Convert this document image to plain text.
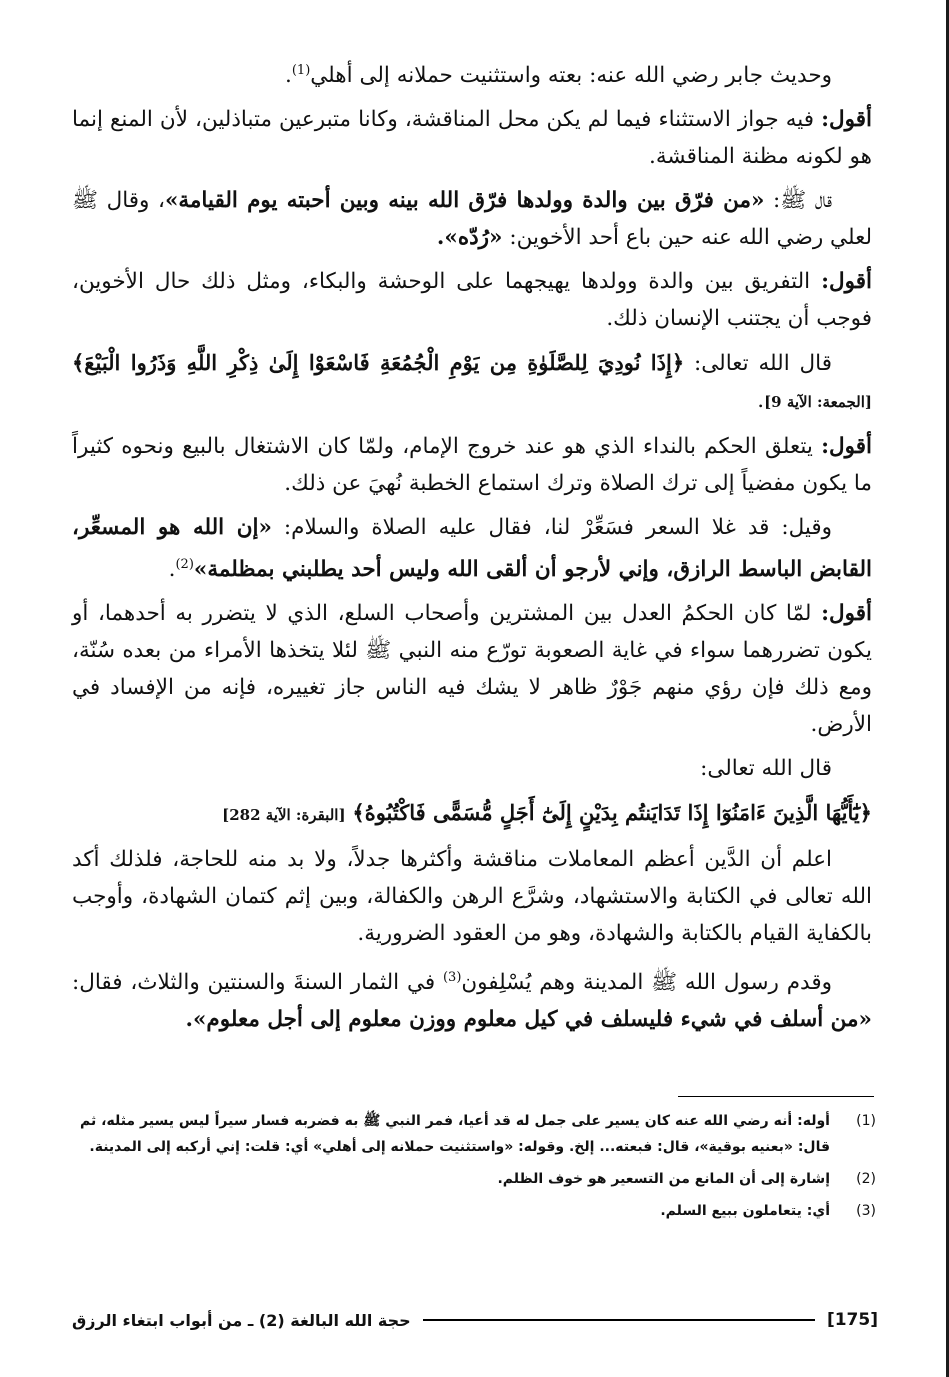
وحديث جابر رضي الله عنه: بعته واستثنيت حملانه إلى أهلي$^{(1)}$.

أقول: فيه جواز الاستثناء فيما لم يكن محل المناقشة، وكانا متبرعين متباذلين، لأن المنع إنما هو لكونه مظنة المناقشة.

قال ﷺ: «من فرّق بين والدة وولدها فرّق الله بينه وبين أحبته يوم القيامة»، وقال ﷺ لعلي رضي الله عنه حين باع أحد الأخوين: «رُدّه».

أقول: التفريق بين والدة وولدها يهيجهما على الوحشة والبكاء، ومثل ذلك حال الأخوين، فوجب أن يجتنب الإنسان ذلك.

قال الله تعالى: ﴿إِذَا نُودِيَ لِلصَّلَوٰةِ مِن يَوْمِ الْجُمُعَةِ فَاسْعَوْا إِلَىٰ ذِكْرِ اللَّهِ وَذَرُوا الْبَيْعَ﴾ [الجمعة: الآية 9].

أقول: يتعلق الحكم بالنداء الذي هو عند خروج الإمام، ولمّا كان الاشتغال بالبيع ونحوه كثيراً ما يكون مفضياً إلى ترك الصلاة وترك استماع الخطبة نُهيَ عن ذلك.

وقيل: قد غلا السعر فسَعِّرْ لنا، فقال عليه الصلاة والسلام: «إن الله هو المسعِّر، القابض الباسط الرازق، وإني لأرجو أن ألقى الله وليس أحد يطلبني بمظلمة»$^{(2)}$.

أقول: لمّا كان الحكمُ العدل بين المشترين وأصحاب السلع، الذي لا يتضرر به أحدهما، أو يكون تضررهما سواء في غاية الصعوبة تورّع منه النبي ﷺ لئلا يتخذها الأمراء من بعده سُنّة، ومع ذلك فإن رؤي منهم جَوْرٌ ظاهر لا يشك فيه الناس جاز تغييره، فإنه من الإفساد في الأرض.

قال الله تعالى:

﴿يَٰٓأَيُّهَا الَّذِينَ ءَامَنُوٓا إِذَا تَدَايَنتُم بِدَيْنٍ إِلَىٰٓ أَجَلٍ مُّسَمًّى فَاكْتُبُوهُ﴾ [البقرة: الآية 282]

اعلم أن الدَّين أعظم المعاملات مناقشة وأكثرها جدلاً، ولا بد منه للحاجة، فلذلك أكد الله تعالى في الكتابة والاستشهاد، وشرَّع الرهن والكفالة، وبين إثم كتمان الشهادة، وأوجب بالكفاية القيام بالكتابة والشهادة، وهو من العقود الضرورية.

وقدم رسول الله ﷺ المدينة وهم يُسْلِفون$^{(3)}$ في الثمار السنةَ والسنتين والثلاث، فقال: «من أسلف في شيء فليسلف في كيل معلوم ووزن معلوم إلى أجل معلوم».

(1)
أوله: أنه رضي الله عنه كان يسير على جمل له قد أعيا، فمر النبي ﷺ به فضربه فسار سيراً ليس يسير مثله، ثم قال: «بعنيه بوقية»، قال: فبعته... إلخ. وقوله: «واستثنيت حملانه إلى أهلي» أي: قلت: إني أركبه إلى المدينة.
(2)
إشارة إلى أن المانع من التسعير هو خوف الظلم.
(3)
أي: يتعاملون ببيع السلم.
[175]
حجة الله البالغة (2) ـ من أبواب ابتغاء الرزق
